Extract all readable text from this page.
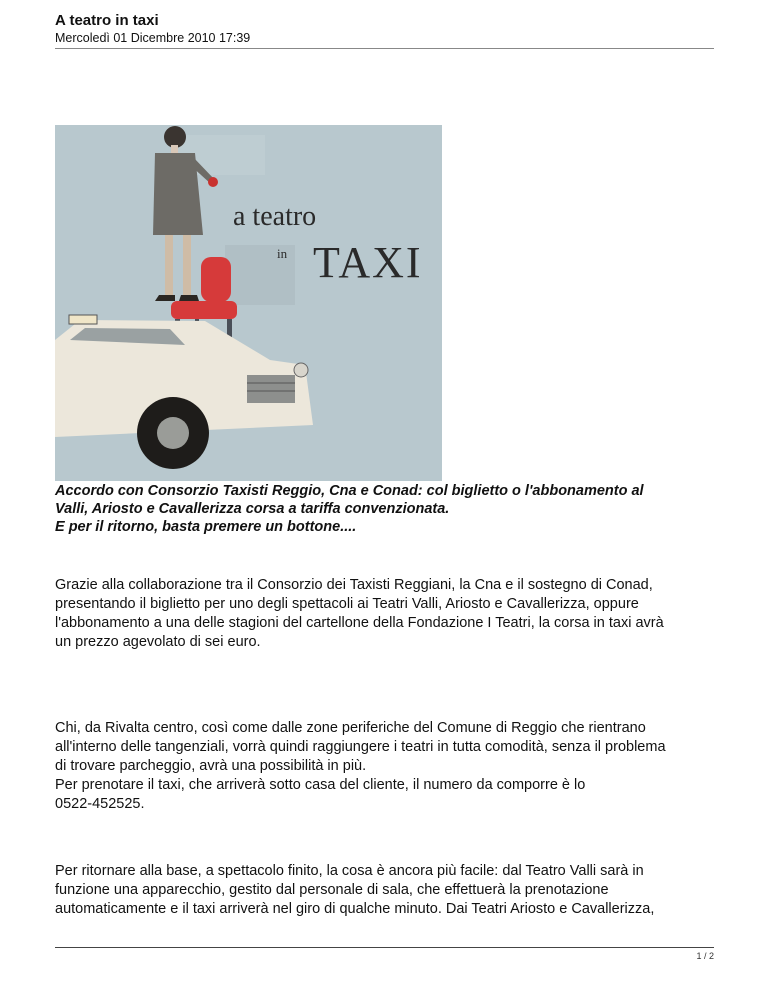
A teatro in taxi
Mercoledì 01 Dicembre 2010 17:39
a teatro
in TAXI
Accordo con Consorzio Taxisti Reggio, Cna e Conad: col biglietto o l'abbonamento al
Valli, Ariosto e Cavallerizza corsa a tariffa convenzionata.
E per il ritorno, basta premere un bottone....
Grazie alla collaborazione tra il Consorzio dei Taxisti Reggiani, la Cna e il sostegno di Conad,
presentando il biglietto per uno degli spettacoli ai Teatri Valli, Ariosto e Cavallerizza, oppure
l'abbonamento a una delle stagioni del cartellone della Fondazione I Teatri, la corsa in taxi avrà
un prezzo agevolato di sei euro.
Chi, da Rivalta centro, così come dalle zone periferiche del Comune di Reggio che rientrano
all'interno delle tangenziali, vorrà quindi raggiungere i teatri in tutta comodità, senza il problema
di trovare parcheggio, avrà una possibilità in più.
Per prenotare il taxi, che arriverà sotto casa del cliente, il numero da comporre è lo
0522-452525.
Per ritornare alla base, a spettacolo finito, la cosa è ancora più facile: dal Teatro Valli sarà in
funzione una apparecchio, gestito dal personale di sala, che effettuerà la prenotazione
automaticamente e il taxi arriverà nel giro di qualche minuto. Dai Teatri Ariosto e Cavallerizza,
1 / 2
